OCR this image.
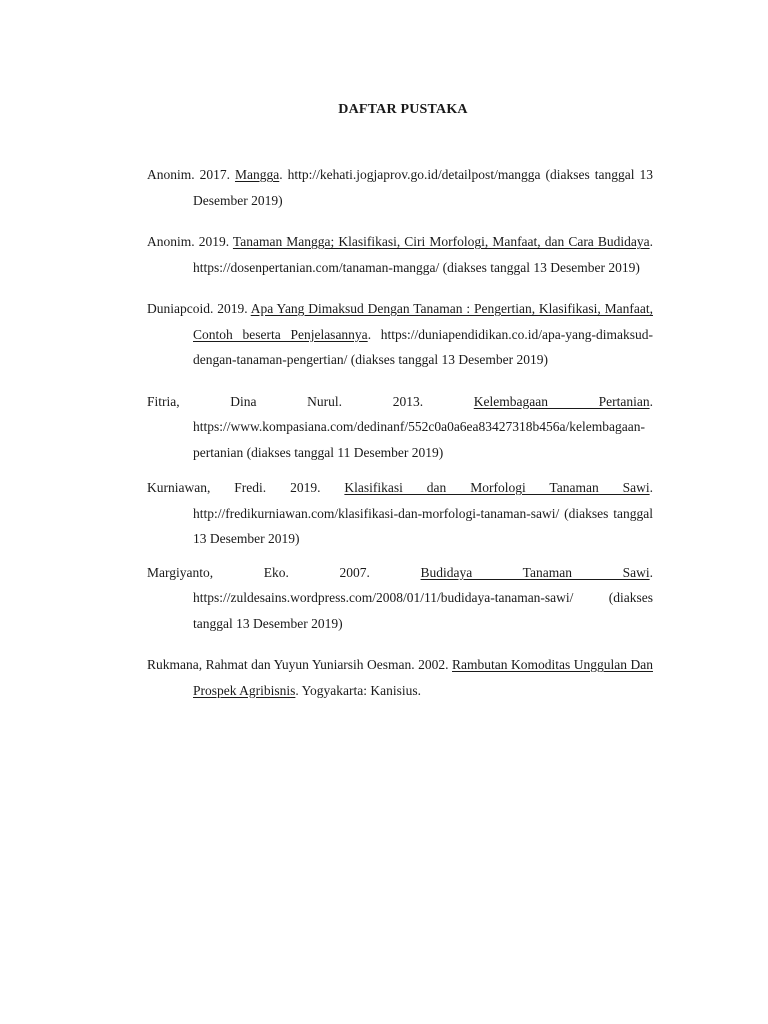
DAFTAR PUSTAKA

Anonim. 2017. Mangga. http://kehati.jogjaprov.go.id/detailpost/mangga (diakses tanggal 13 Desember 2019)

Anonim. 2019. Tanaman Mangga; Klasifikasi, Ciri Morfologi, Manfaat, dan Cara Budidaya. https://dosenpertanian.com/tanaman-mangga/ (diakses tanggal 13 Desember 2019)

Duniapcoid. 2019. Apa Yang Dimaksud Dengan Tanaman : Pengertian, Klasifikasi, Manfaat, Contoh beserta Penjelasannya. https://duniapendidikan.co.id/apa-yang-dimaksud-dengan-tanaman-pengertian/ (diakses tanggal 13 Desember 2019)

Fitria, Dina Nurul. 2013. Kelembagaan Pertanian. https://www.kompasiana.com/dedinanf/552c0a0a6ea83427318b456a/kelembagaan-pertanian (diakses tanggal 11 Desember 2019)

Kurniawan, Fredi. 2019. Klasifikasi dan Morfologi Tanaman Sawi. http://fredikurniawan.com/klasifikasi-dan-morfologi-tanaman-sawi/ (diakses tanggal 13 Desember 2019)

Margiyanto, Eko. 2007. Budidaya Tanaman Sawi. https://zuldesains.wordpress.com/2008/01/11/budidaya-tanaman-sawi/ (diakses tanggal 13 Desember 2019)

Rukmana, Rahmat dan Yuyun Yuniarsih Oesman. 2002. Rambutan Komoditas Unggulan Dan Prospek Agribisnis. Yogyakarta: Kanisius.
